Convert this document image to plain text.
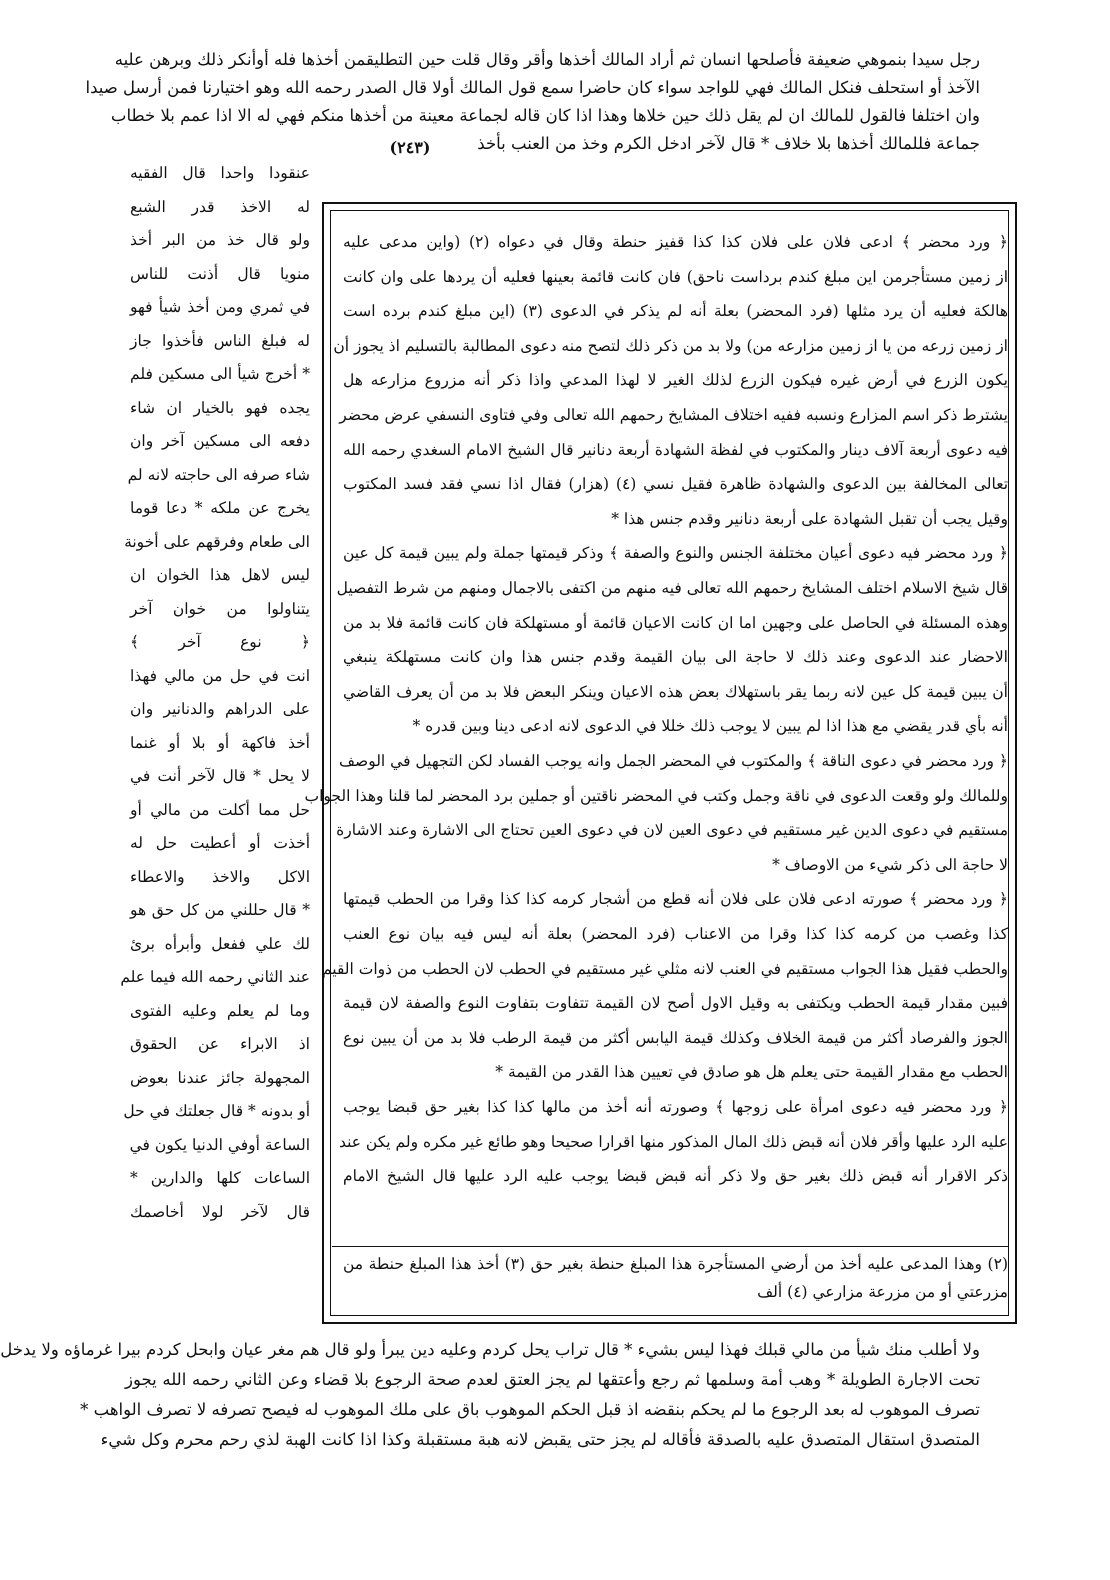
رجل سيدا بنموهي ضعيفة فأصلحها انسان ثم أراد المالك أخذها وأقر وقال قلت حين التطليقمن أخذها فله أوأنكر ذلك وبرهن عليه
الآخذ أو استحلف فنكل المالك فهي للواجد سواء كان حاضرا سمع قول المالك أولا قال الصدر رحمه الله وهو اختيارنا فمن أرسل صيدا
وان اختلفا فالقول للمالك ان لم يقل ذلك حين خلاها وهذا اذا كان قاله لجماعة معينة من أخذها منكم فهي له الا اذا عمم بلا خطاب
جماعة فللمالك أخذها بلا خلاف * قال لآخر ادخل الكرم وخذ من العنب بأخذ
(٢٤٣)
عنقودا واحدا قال الفقيه
له الاخذ قدر الشبع
ولو قال خذ من البر أخذ
منويا قال أذنت للناس
في ثمري ومن أخذ شيأ فهو
له فبلغ الناس فأخذوا جاز
* أخرج شيأ الى مسكين فلم
يجده فهو بالخيار ان شاء
دفعه الى مسكين آخر وان
شاء صرفه الى حاجته لانه لم
يخرج عن ملكه * دعا قوما
الى طعام وفرقهم على أخونة
ليس لاهل هذا الخوان ان
يتناولوا من خوان آخر
﴿ نوع آخر ﴾
انت في حل من مالي فهذا
على الدراهم والدنانير وان
أخذ فاكهة أو بلا أو غنما
لا يحل * قال لآخر أنت في
حل مما أكلت من مالي أو
أخذت أو أعطيت حل له
الاكل والاخذ والاعطاء
* قال حللني من كل حق هو
لك علي ففعل وأبرأه برئ
عند الثاني رحمه الله فيما علم
وما لم يعلم وعليه الفتوى
اذ الابراء عن الحقوق
المجهولة جائز عندنا بعوض
أو بدونه * قال جعلتك في حل
الساعة أوفي الدنيا يكون في
الساعات كلها والدارين *
قال لآخر لولا أخاصمك
﴿ ورد محضر ﴾ ادعى فلان على فلان كذا كذا قفيز حنطة وقال في دعواه (٢) (واين مدعى عليه
از زمين مستأجرمن اين مبلغ كندم برداست ناحق) فان كانت قائمة بعينها فعليه أن يردها على وان كانت
هالكة فعليه أن يرد مثلها (فرد المحضر) بعلة أنه لم يذكر في الدعوى (٣) (اين مبلغ كندم برده است
از زمين زرعه من يا از زمين مزارعه من) ولا بد من ذكر ذلك لتصح منه دعوى المطالبة بالتسليم اذ يجوز أن
يكون الزرع في أرض غيره فيكون الزرع لذلك الغير لا لهذا المدعي واذا ذكر أنه مزروع مزارعه هل
يشترط ذكر اسم المزارع ونسبه ففيه اختلاف المشايخ رحمهم الله تعالى وفي فتاوى النسفي عرض محضر
فيه دعوى أربعة آلاف دينار والمكتوب في لفظة الشهادة أربعة دنانير قال الشيخ الامام السغدي رحمه الله
تعالى المخالفة بين الدعوى والشهادة ظاهرة فقيل نسي (٤) (هزار) فقال اذا نسي فقد فسد المكتوب
وقيل يجب أن تقبل الشهادة على أربعة دنانير وقدم جنس هذا *
﴿ ورد محضر فيه دعوى أعيان مختلفة الجنس والنوع والصفة ﴾ وذكر قيمتها جملة ولم يبين قيمة كل عين
قال شيخ الاسلام اختلف المشايخ رحمهم الله تعالى فيه منهم من اكتفى بالاجمال ومنهم من شرط التفصيل
وهذه المسئلة في الحاصل على وجهين اما ان كانت الاعيان قائمة أو مستهلكة فان كانت قائمة فلا بد من
الاحضار عند الدعوى وعند ذلك لا حاجة الى بيان القيمة وقدم جنس هذا وان كانت مستهلكة ينبغي
أن يبين قيمة كل عين لانه ربما يقر باستهلاك بعض هذه الاعيان وينكر البعض فلا بد من أن يعرف القاضي
أنه بأي قدر يقضي مع هذا اذا لم يبين لا يوجب ذلك خللا في الدعوى لانه ادعى دينا وبين قدره *
﴿ ورد محضر في دعوى الناقة ﴾ والمكتوب في المحضر الجمل وانه يوجب الفساد لكن التجهيل في الوصف
وللمالك ولو وقعت الدعوى في ناقة وجمل وكتب في المحضر ناقتين أو جملين برد المحضر لما قلنا وهذا الجواب
مستقيم في دعوى الدين غير مستقيم في دعوى العين لان في دعوى العين تحتاج الى الاشارة وعند الاشارة
لا حاجة الى ذكر شيء من الاوصاف *
﴿ ورد محضر ﴾ صورته ادعى فلان على فلان أنه قطع من أشجار كرمه كذا كذا وقرا من الحطب قيمتها
كذا وغصب من كرمه كذا كذا وقرا من الاعناب (فرد المحضر) بعلة أنه ليس فيه بيان نوع العنب
والحطب فقيل هذا الجواب مستقيم في العنب لانه مثلي غير مستقيم في الحطب لان الحطب من ذوات القيم
فبين مقدار قيمة الحطب ويكتفى به وقيل الاول أصح لان القيمة تتفاوت بتفاوت النوع والصفة لان قيمة
الجوز والفرصاد أكثر من قيمة الخلاف وكذلك قيمة اليابس أكثر من قيمة الرطب فلا بد من أن يبين نوع
الحطب مع مقدار القيمة حتى يعلم هل هو صادق في تعيين هذا القدر من القيمة *
﴿ ورد محضر فيه دعوى امرأة على زوجها ﴾ وصورته أنه أخذ من مالها كذا كذا بغير حق قبضا يوجب
عليه الرد عليها وأقر فلان أنه قبض ذلك المال المذكور منها اقرارا صحيحا وهو طائع غير مكره ولم يكن عند
ذكر الاقرار أنه قبض ذلك بغير حق ولا ذكر أنه قبض قبضا يوجب عليه الرد عليها قال الشيخ الامام
(٢) وهذا المدعى عليه أخذ من أرضي المستأجرة هذا المبلغ حنطة بغير حق (٣) أخذ هذا المبلغ حنطة من
مزرعتي أو من مزرعة مزارعي (٤) ألف
ولا أطلب منك شيأ من مالي قبلك فهذا ليس بشيء * قال تراب يحل كردم وعليه دين يبرأ ولو قال هم مغر عيان وابحل كردم بيرا غرماؤه ولا يدخل
تحت الاجارة الطويلة * وهب أمة وسلمها ثم رجع وأعتقها لم يجز العتق لعدم صحة الرجوع بلا قضاء وعن الثاني رحمه الله يجوز
تصرف الموهوب له بعد الرجوع ما لم يحكم بنقضه اذ قبل الحكم الموهوب باق على ملك الموهوب له فيصح تصرفه لا تصرف الواهب *
المتصدق استقال المتصدق عليه بالصدقة فأقاله لم يجز حتى يقبض لانه هبة مستقبلة وكذا اذا كانت الهبة لذي رحم محرم وكل شيء
